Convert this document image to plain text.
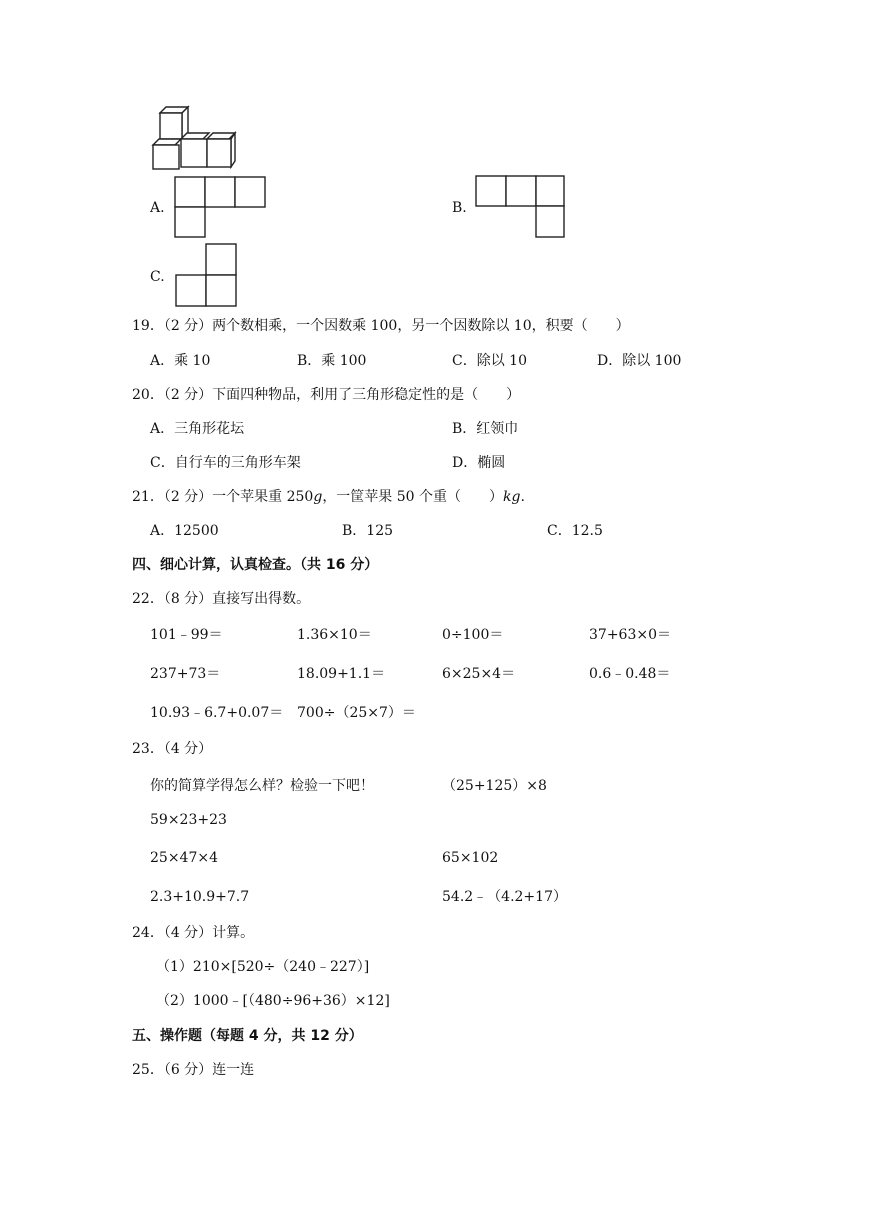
A.	B.
C.
19．（2 分）两个数相乘，一个因数乘 100，另一个因数除以 10，积要（　　）
A．乘 10	B．乘 100	C．除以 10	D．除以 100
20．（2 分）下面四种物品，利用了三角形稳定性的是（　　）
A．三角形花坛	B．红领巾
C．自行车的三角形车架	D．椭圆
21．（2 分）一个苹果重 250g，一筐苹果 50 个重（　　）kg.
A．12500	B．125	C．12.5
四、细心计算，认真检查。（共 16 分）
22．（8 分）直接写出得数。
101﹣99＝	1.36×10＝	0÷100＝	37+63×0＝
237+73＝	18.09+1.1＝	6×25×4＝	0.6﹣0.48＝
10.93﹣6.7+0.07＝ 700÷（25×7）＝
23．（4 分）
你的简算学得怎么样？检验一下吧！	（25+125）×8
59×23+23
25×47×4	65×102
2.3+10.9+7.7	54.2﹣（4.2+17）
24．（4 分）计算。
（1）210×[520÷（240﹣227）]
（2）1000﹣[（480÷96+36）×12]
五、操作题（每题 4 分，共 12 分）
25．（6 分）连一连
